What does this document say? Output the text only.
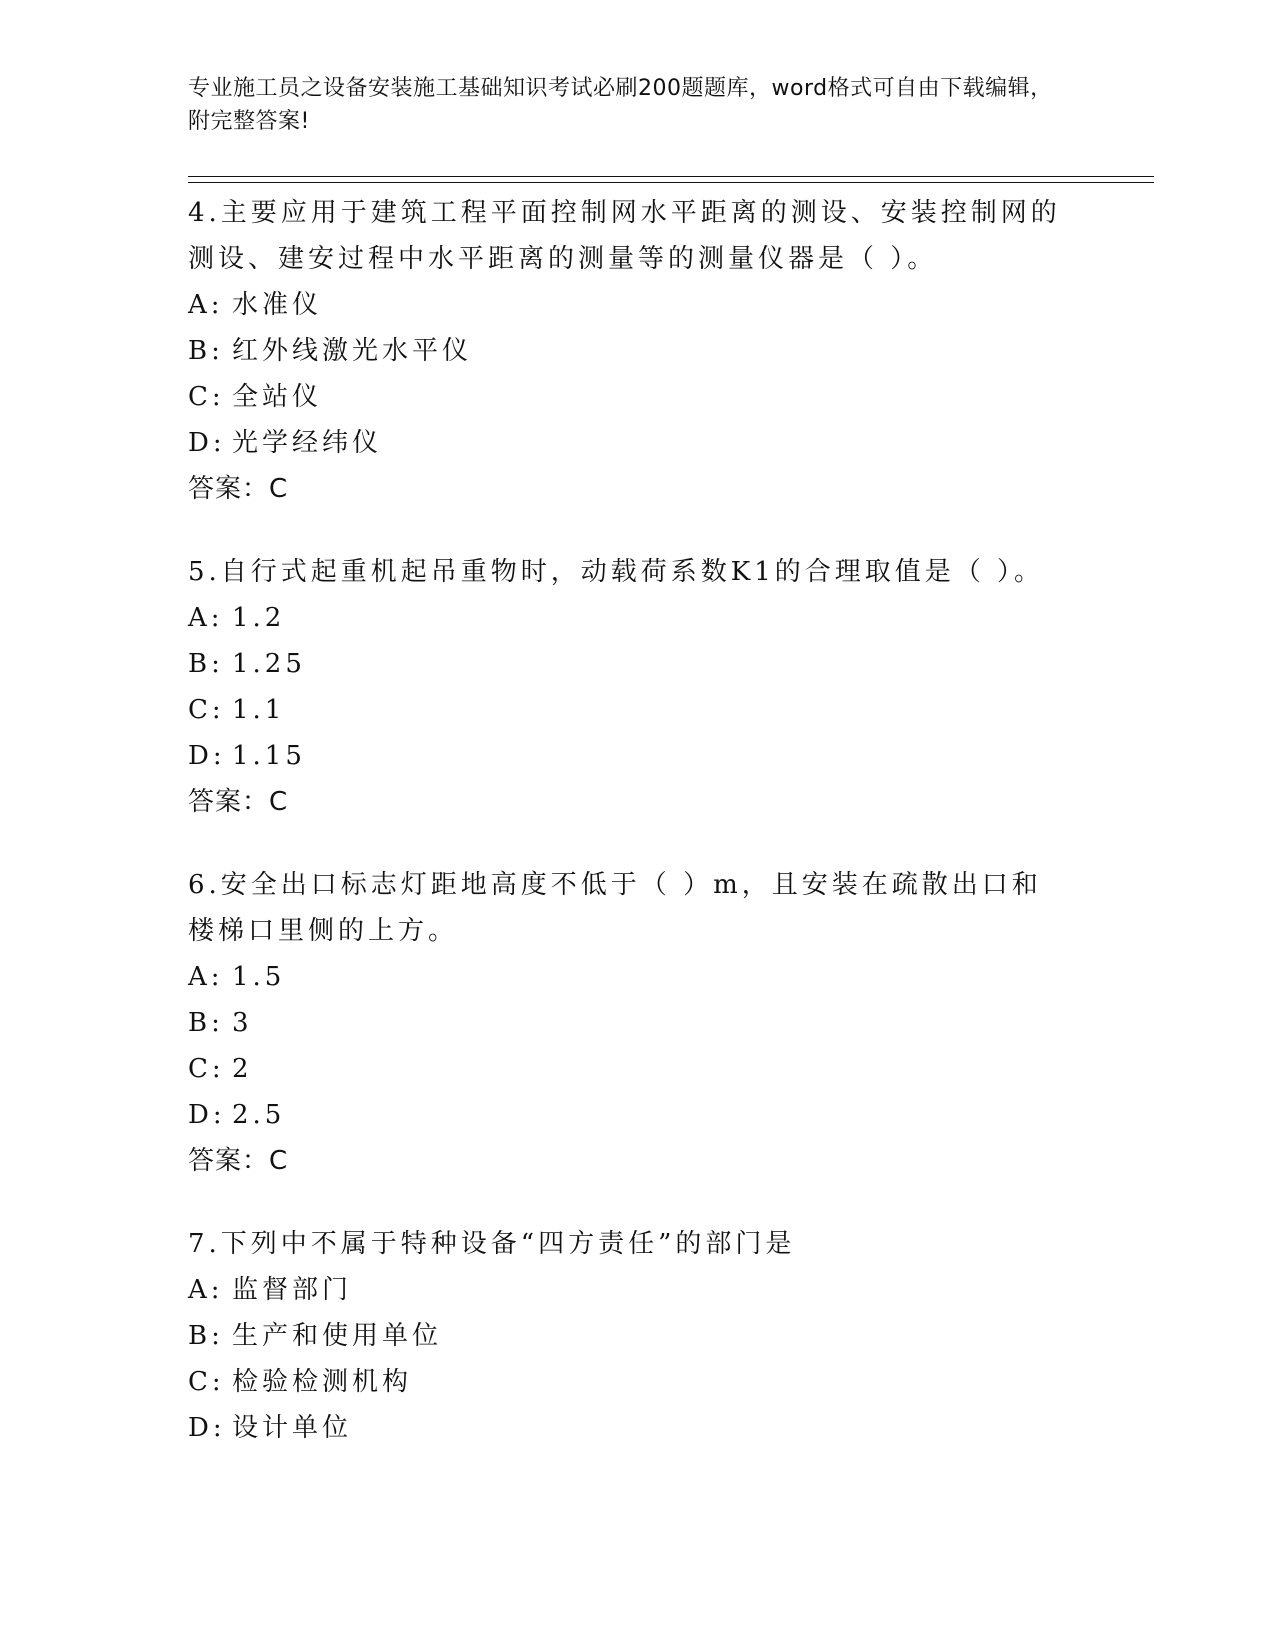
专业施工员之设备安装施工基础知识考试必刷200题题库，word格式可自由下载编辑，附完整答案!
4.主要应用于建筑工程平面控制网水平距离的测设、安装控制网的测设、建安过程中水平距离的测量等的测量仪器是（ ）。
A: 水准仪
B: 红外线激光水平仪
C: 全站仪
D: 光学经纬仪
答案：C
5.自行式起重机起吊重物时，动载荷系数K1的合理取值是（ ）。
A: 1.2
B: 1.25
C: 1.1
D: 1.15
答案：C
6.安全出口标志灯距地高度不低于（ ）m，且安装在疏散出口和楼梯口里侧的上方。
A: 1.5
B: 3
C: 2
D: 2.5
答案：C
7.下列中不属于特种设备“四方责任”的部门是
A: 监督部门
B: 生产和使用单位
C: 检验检测机构
D: 设计单位
